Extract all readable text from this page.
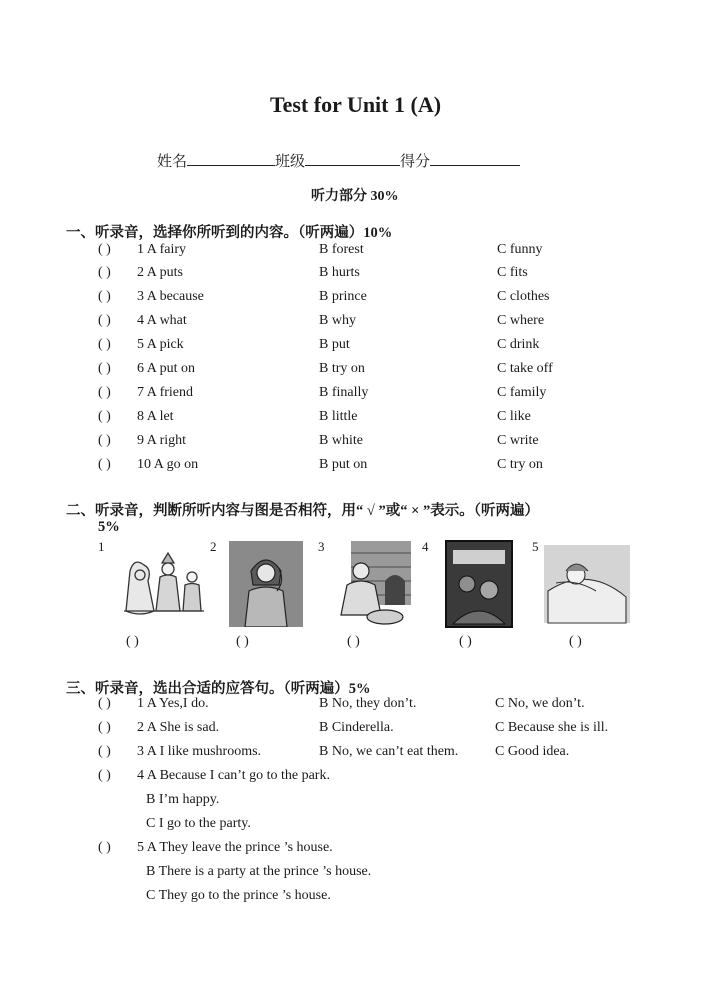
Test for Unit 1 (A)
姓名	班级	得分
听力部分 30%
一、听录音，选择你所听到的内容。（听两遍）10%
( ) 1 A fairy	B forest	C funny
( ) 2 A puts	B hurts	C fits
( ) 3 A because	B prince	C clothes
( ) 4 A what	B why	C where
( ) 5 A pick	B put	C drink
( ) 6 A put on	B try on	C take off
( ) 7 A friend	B finally	C family
( ) 8 A let	B little	C like
( ) 9 A right	B white	C write
( ) 10 A go on	B put on	C try on
二、听录音，判断所听内容与图是否相符，用“ √ ”或“ × ”表示。（听两遍）
5%
1
( )
2
( )
3
( )
4
( )
5
( )
三、听录音，选出合适的应答句。（听两遍）5%
( ) 1 A Yes,I do.	B No, they don’t.	C No, we don’t.
( ) 2 A She is sad.	B Cinderella.	C Because she is ill.
( ) 3 A I like mushrooms.	B No, we can’t eat them.	C Good idea.
( ) 4 A Because I can’t go to the park.
B I’m happy.
C I go to the party.
( ) 5 A They leave the prince ’s house.
B There is a party at the prince ’s house.
C They go to the prince ’s house.
